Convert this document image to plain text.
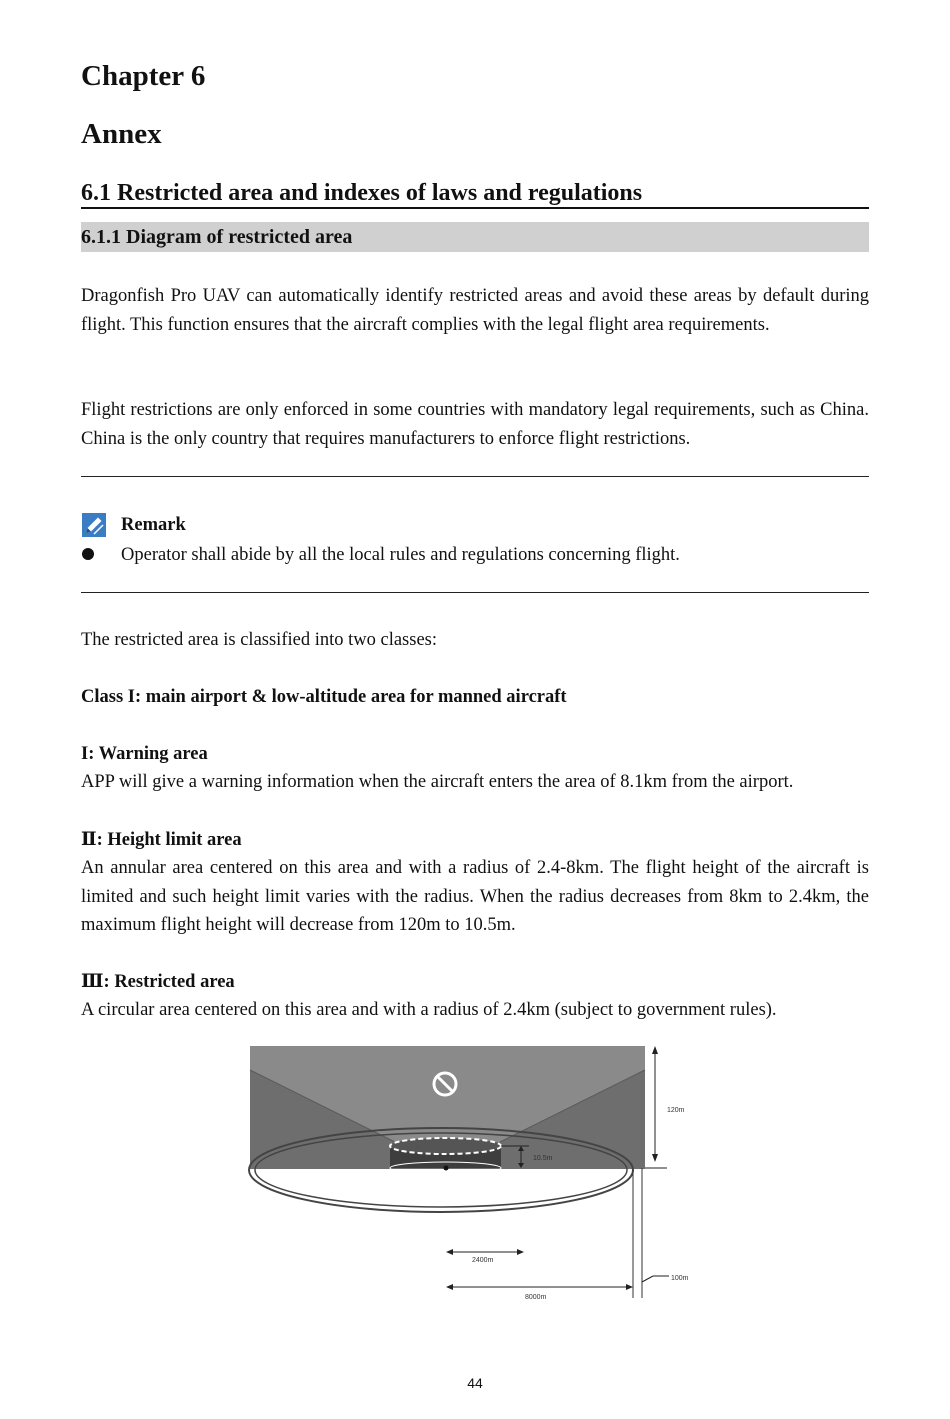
Chapter 6
Annex
6.1 Restricted area and indexes of laws and regulations
6.1.1 Diagram of restricted area
Dragonfish Pro UAV can automatically identify restricted areas and avoid these areas by default during flight. This function ensures that the aircraft complies with the legal flight area requirements.
Flight restrictions are only enforced in some countries with mandatory legal requirements, such as China. China is the only country that requires manufacturers to enforce flight restrictions.
Remark
Operator shall abide by all the local rules and regulations concerning flight.
The restricted area is classified into two classes:
Class I: main airport & low-altitude area for manned aircraft
I: Warning area
APP will give a warning information when the aircraft enters the area of 8.1km from the airport.
Ⅱ: Height limit area
An annular area centered on this area and with a radius of 2.4-8km. The flight height of the aircraft is limited and such height limit varies with the radius. When the radius decreases from 8km to 2.4km, the maximum flight height will decrease from 120m to 10.5m.
Ⅲ: Restricted area
A circular area centered on this area and with a radius of 2.4km (subject to government rules).
120m
10.5m
2400m
8000m
100m
44
